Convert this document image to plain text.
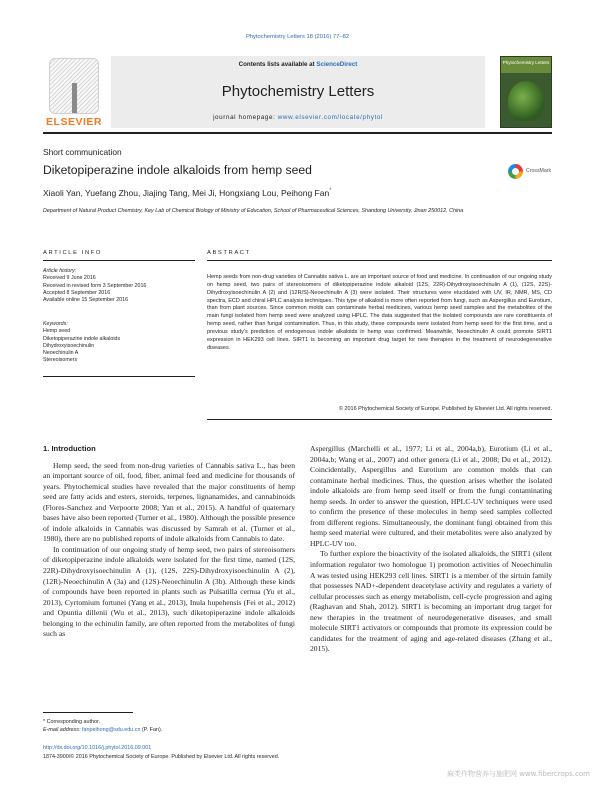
Phytochemistry Letters 18 (2016) 77–82
ELSEVIER
Contents lists available at ScienceDirect
Phytochemistry Letters
journal homepage: www.elsevier.com/locate/phytol
Phytochemistry Letters
Short communication
Diketopiperazine indole alkaloids from hemp seed	CrossMark
Xiaoli Yan, Yuefang Zhou, Jiajing Tang, Mei Ji, Hongxiang Lou, Peihong Fan*
Department of Natural Product Chemistry, Key Lab of Chemical Biology of Ministry of Education, School of Pharmaceutical Sciences, Shandong University, Jinan 250012, China
ARTICLE INFO	ABSTRACT
Article history:
Received 9 June 2016
Received in revised form 3 September 2016
Accepted 8 September 2016
Available online 15 September 2016
Keywords:
Hemp seed
Diketopiperazine indole alkaloids
Dihydroxyisoechinulin
Neoechinulin A
Stereoisomers
Hemp seeds from non-drug varieties of Cannabis sativa L. are an important source of food and medicine. In continuation of our ongoing study on hemp seed, two pairs of stereoisomers of diketopiperazine indole alkaloid (12S, 22R)-Dihydroxyisoechinulin A (1), (12S, 22S)-Dihydroxyisoechinulin A (2) and (12R/S)-Neoechinulin A (3) were isolated. Their structures were elucidated with UV, IR, NMR, MS, CD spectra, ECD and chiral HPLC analysis techniques. This type of alkaloid is more often reported from fungi, such as Aspergillus and Eurotium, than from plant sources. Since common molds can contaminate herbal medicines, various hemp seed samples and the metabolites of the main fungi isolated from hemp seed were analyzed using HPLC. The data suggested that the isolated compounds are rare constituents of hemp seed, rather than fungal contamination. Thus, in this study, these compounds were isolated from hemp seed for the first time, and a previous study's prediction of endogenous indole alkaloids in hemp was confirmed. Meanwhile, Neoechinulin A could promote SIRT1 expression in HEK293 cell lines. SIRT1 is becoming an important drug target for new therapies in the treatment of neurodegenerative diseases.
© 2016 Phytochemical Society of Europe. Published by Elsevier Ltd. All rights reserved.
1. Introduction

Hemp seed, the seed from non-drug varieties of Cannabis sativa L., has been an important source of oil, food, fiber, animal feed and medicine for thousands of years. Phytochemical studies have revealed that the major constituents of hemp seed are fatty acids and esters, steroids, terpenes, lignanamides, and cannabinoids (Flores-Sanchez and Verpoorte 2008; Yan et al., 2015). A handful of quaternary bases have also been reported (Turner et al., 1980). Although the possible presence of indole alkaloids in Cannabis was discussed by Samrah et al. (Turner et al., 1980), there are no published reports of indole alkaloids from Cannabis to date.

In continuation of our ongoing study of hemp seed, two pairs of stereoisomers of diketopiperazine indole alkaloids were isolated for the first time, named (12S, 22R)-Dihydroxyisoechinulin A (1), (12S, 22S)-Dihydroxyisoechinulin A (2), (12R)-Neoechinulin A (3a) and (12S)-Neoechinulin A (3b). Although these kinds of compounds have been reported in plants such as Pulsatilla cernua (Yu et al., 2013), Cyrtomium fortunei (Yang et al., 2013), Inula hupehensis (Fei et al., 2012) and Opuntia dillenii (Wu et al., 2013), such diketopiperazine indole alkaloids belonging to the echinulin family, are often reported from the metabolites of fungi such as

Aspergillus (Marchelli et al., 1977; Li et al., 2004a,b), Eurotium (Li et al., 2004a,b; Wang et al., 2007) and other genera (Li et al., 2008; Du et al., 2012). Coincidentally, Aspergillus and Eurotium are common molds that can contaminate herbal medicines. Thus, the question arises whether the isolated indole alkaloids are from hemp seed itself or from the fungi contaminating hemp seeds. In order to answer the question, HPLC-UV techniques were used to confirm the presence of these molecules in hemp seed samples collected from different regions. Simultaneously, the dominant fungi obtained from this hemp seed material were cultured, and their metabolites were also analyzed by HPLC-UV too.

To further explore the bioactivity of the isolated alkaloids, the SIRT1 (silent information regulator two homologue 1) promotion activities of Neoechinulin A was tested using HEK293 cell lines. SIRT1 is a member of the sirtuin family that possesses NAD+-dependent deacetylase activity and regulates a variety of cellular processes such as energy metabolism, cell-cycle progression and aging (Raghavan and Shah, 2012). SIRT1 is becoming an important drug target for new therapies in the treatment of neurodegenerative diseases, and small molecule SIRT1 activators or compounds that promote its expression could be candidates for the treatment of aging and age-related diseases (Zhang et al., 2015).

* Corresponding author.
E-mail address: fanpeihong@sdu.edu.cn (P. Fan).
http://dx.doi.org/10.1016/j.phytol.2016.09.001
1874-3900/© 2016 Phytochemical Society of Europe. Published by Elsevier Ltd. All rights reserved.
麻类作物营养与施肥网 www.fibercrops.com
